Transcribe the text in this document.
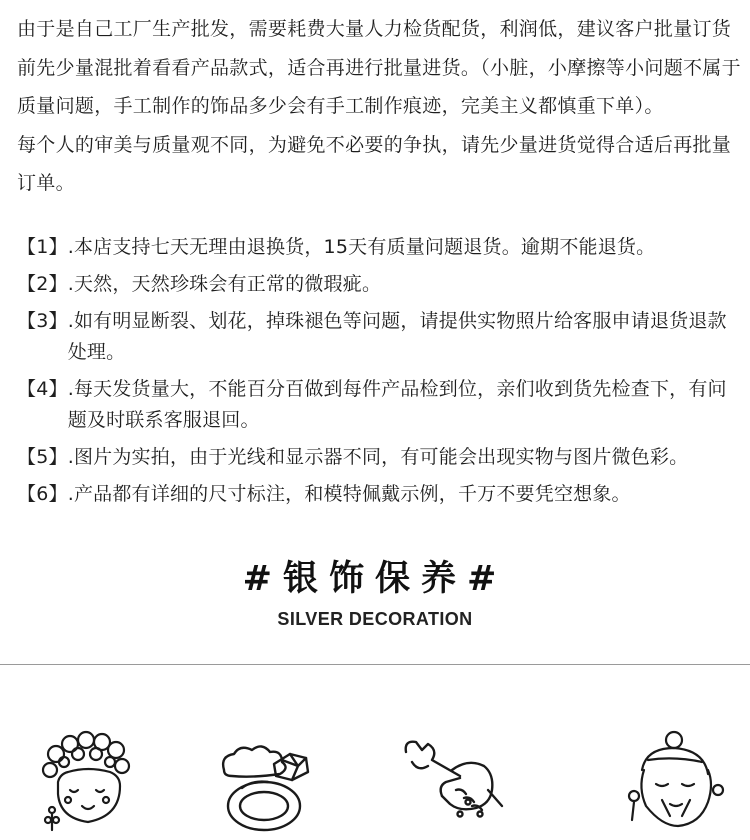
由于是自己工厂生产批发，需要耗费大量人力检货配货，利润低，建议客户批量订货前先少量混批着看看产品款式，适合再进行批量进货。（小脏，小摩擦等小问题不属于质量问题，手工制作的饰品多少会有手工制作痕迹，完美主义都慎重下单）。

每个人的审美与质量观不同，为避免不必要的争执，请先少量进货觉得合适后再批量订单。

【1】 .本店支持七天无理由退换货，15天有质量问题退货。逾期不能退货。
【2】 .天然，天然珍珠会有正常的微瑕疵。
【3】 .如有明显断裂、划花，掉珠褪色等问题，请提供实物照片给客服申请退货退款处理。
【4】 .每天发货量大，不能百分百做到每件产品检到位，亲们收到货先检查下，有问题及时联系客服退回。
【5】 .图片为实拍，由于光线和显示器不同，有可能会出现实物与图片微色彩。
【6】 .产品都有详细的尺寸标注，和模特佩戴示例，千万不要凭空想象。
#银饰保养#
SILVER DECORATION
